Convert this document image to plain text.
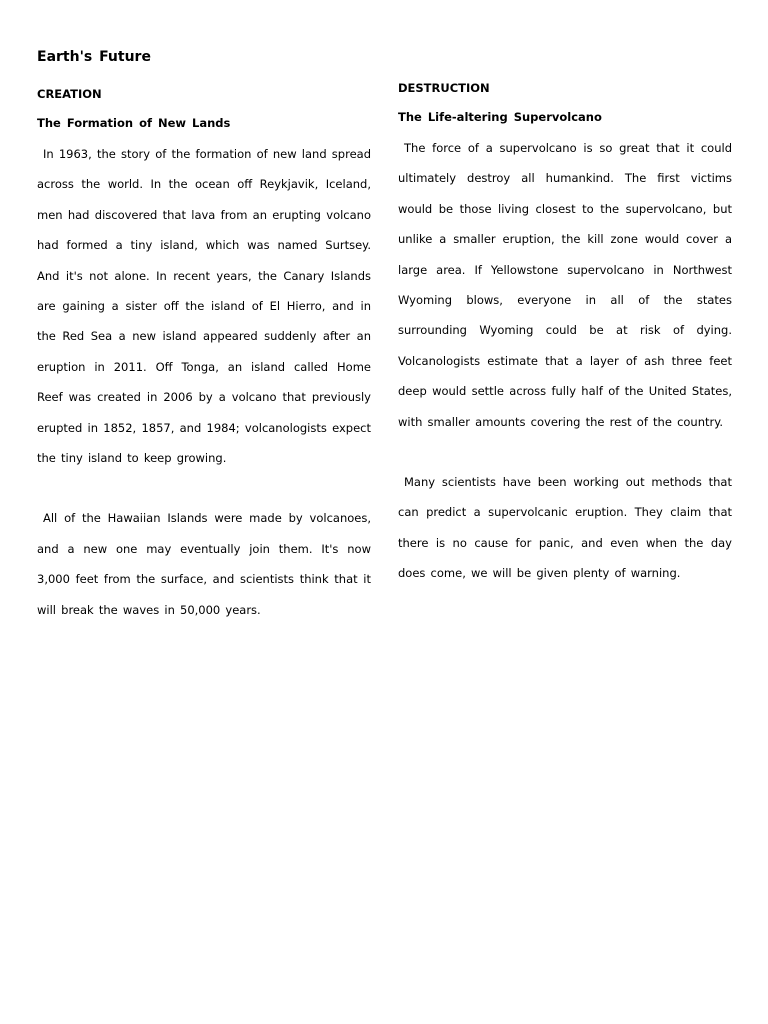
Earth's Future

CREATION

The Formation of New Lands

In 1963, the story of the formation of new land spread across the world. In the ocean off Reykjavik, Iceland, men had discovered that lava from an erupting volcano had formed a tiny island, which was named Surtsey. And it's not alone. In recent years, the Canary Islands are gaining a sister off the island of El Hierro, and in the Red Sea a new island appeared suddenly after an eruption in 2011. Off Tonga, an island called Home Reef was created in 2006 by a volcano that previously erupted in 1852, 1857, and 1984; volcanologists expect the tiny island to keep growing.

All of the Hawaiian Islands were made by volcanoes, and a new one may eventually join them. It's now 3,000 feet from the surface, and scientists think that it will break the waves in 50,000 years.

DESTRUCTION

The Life-altering Supervolcano

The force of a supervolcano is so great that it could ultimately destroy all humankind. The first victims would be those living closest to the supervolcano, but unlike a smaller eruption, the kill zone would cover a large area. If Yellowstone supervolcano in Northwest Wyoming blows, everyone in all of the states surrounding Wyoming could be at risk of dying. Volcanologists estimate that a layer of ash three feet deep would settle across fully half of the United States, with smaller amounts covering the rest of the country.

Many scientists have been working out methods that can predict a supervolcanic eruption. They claim that there is no cause for panic, and even when the day does come, we will be given plenty of warning.
